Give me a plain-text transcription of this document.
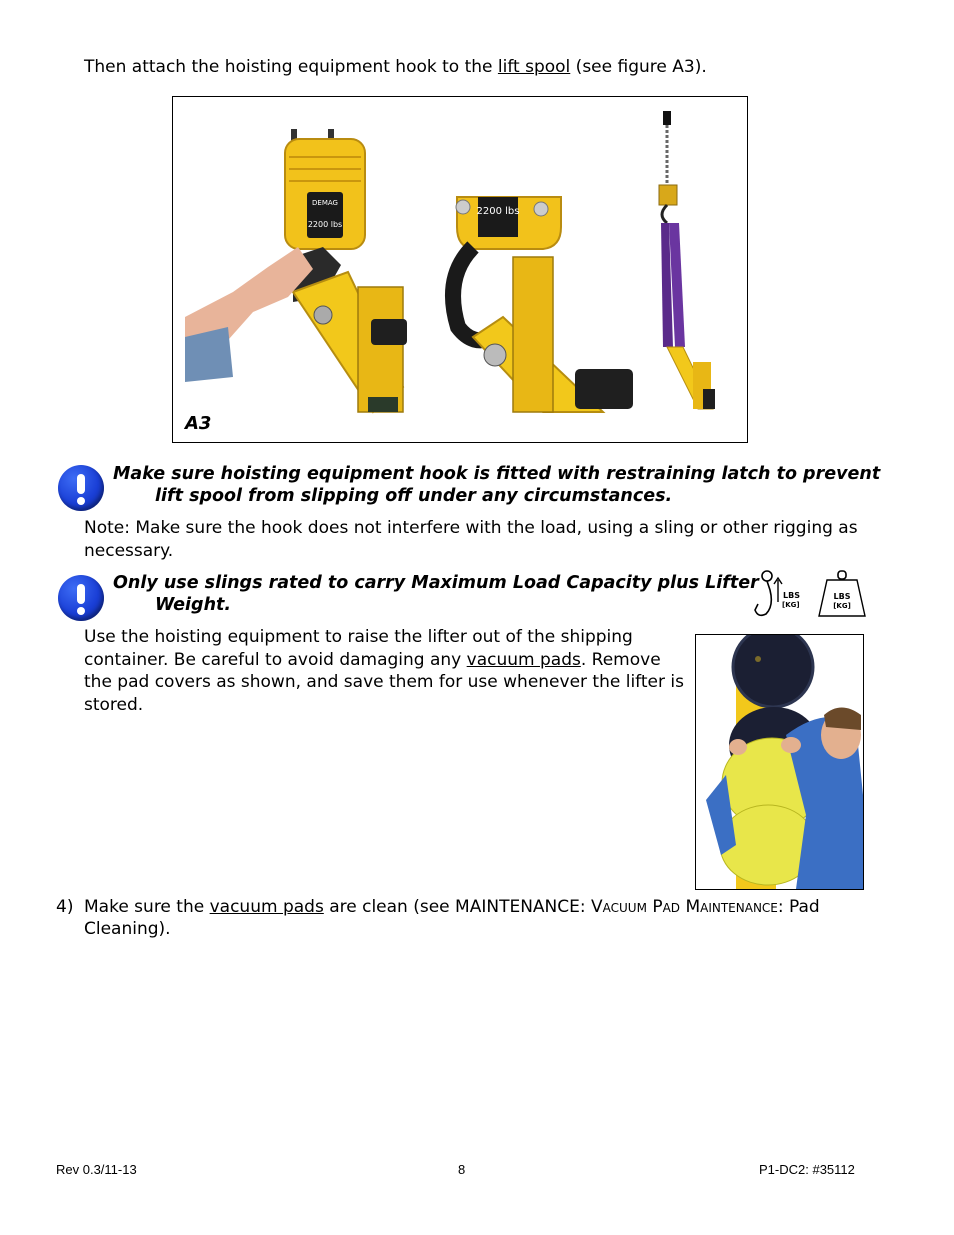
Then attach the hoisting equipment hook to the lift spool (see figure A3).
DEMAG
2200 lbs
2200 lbs
A3
Make sure hoisting equipment hook is fitted with restraining latch to prevent
lift spool from slipping off under any circumstances.
Note: Make sure the hook does not interfere with the load, using a sling or other rigging as
necessary.
Only use slings rated to carry Maximum Load Capacity plus Lifter
Weight.	LBS
[KG]
LBS
[KG]
Use the hoisting equipment to raise the lifter out of the shipping
container. Be careful to avoid damaging any vacuum pads. Remove
the pad covers as shown, and save them for use whenever the lifter is
stored.
4) Make sure the vacuum pads are clean (see MAINTENANCE: Vacuum Pad Maintenance: Pad
Cleaning).
Rev 0.3/11-13	8	P1-DC2: #35112
